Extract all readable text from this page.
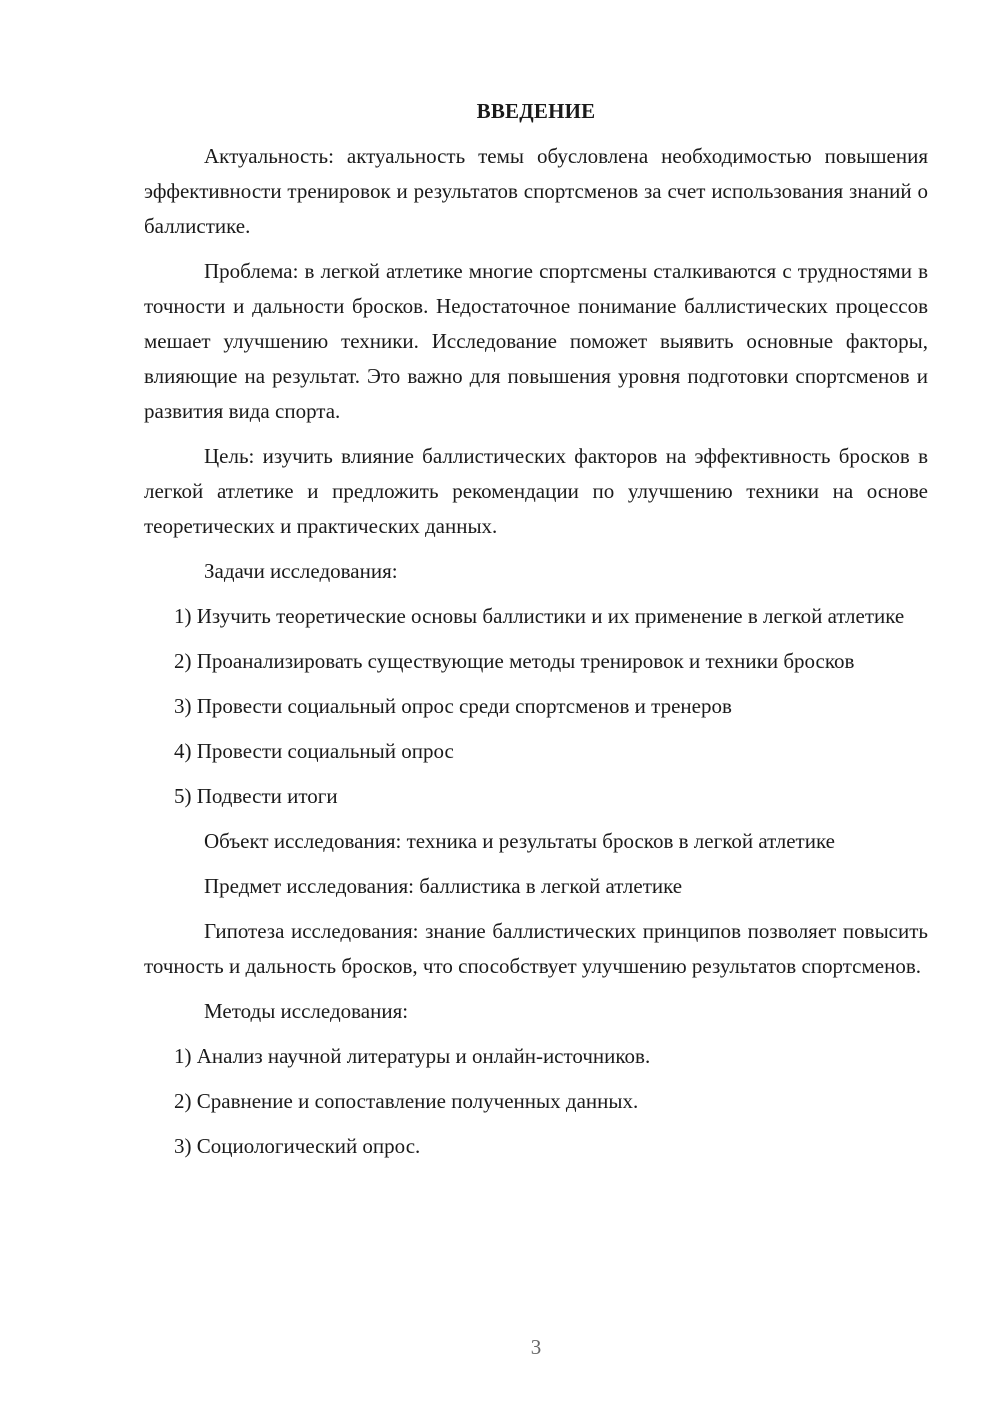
ВВЕДЕНИЕ

Актуальность: актуальность темы обусловлена необходимостью повышения эффективности тренировок и результатов спортсменов за счет использования знаний о баллистике.

Проблема: в легкой атлетике многие спортсмены сталкиваются с трудностями в точности и дальности бросков. Недостаточное понимание баллистических процессов мешает улучшению техники. Исследование поможет выявить основные факторы, влияющие на результат. Это важно для повышения уровня подготовки спортсменов и развития вида спорта.

Цель: изучить влияние баллистических факторов на эффективность бросков в легкой атлетике и предложить рекомендации по улучшению техники на основе теоретических и практических данных.

Задачи исследования:

1) Изучить теоретические основы баллистики и их применение в легкой атлетике

2) Проанализировать существующие методы тренировок и техники бросков

3) Провести социальный опрос среди спортсменов и тренеров

4) Провести социальный опрос

5) Подвести итоги

Объект исследования: техника и результаты бросков в легкой атлетике

Предмет исследования: баллистика в легкой атлетике

Гипотеза исследования: знание баллистических принципов позволяет повысить точность и дальность бросков, что способствует улучшению результатов спортсменов.

Методы исследования:

1) Анализ научной литературы и онлайн-источников.

2) Сравнение и сопоставление полученных данных.

3) Социологический опрос.

3
